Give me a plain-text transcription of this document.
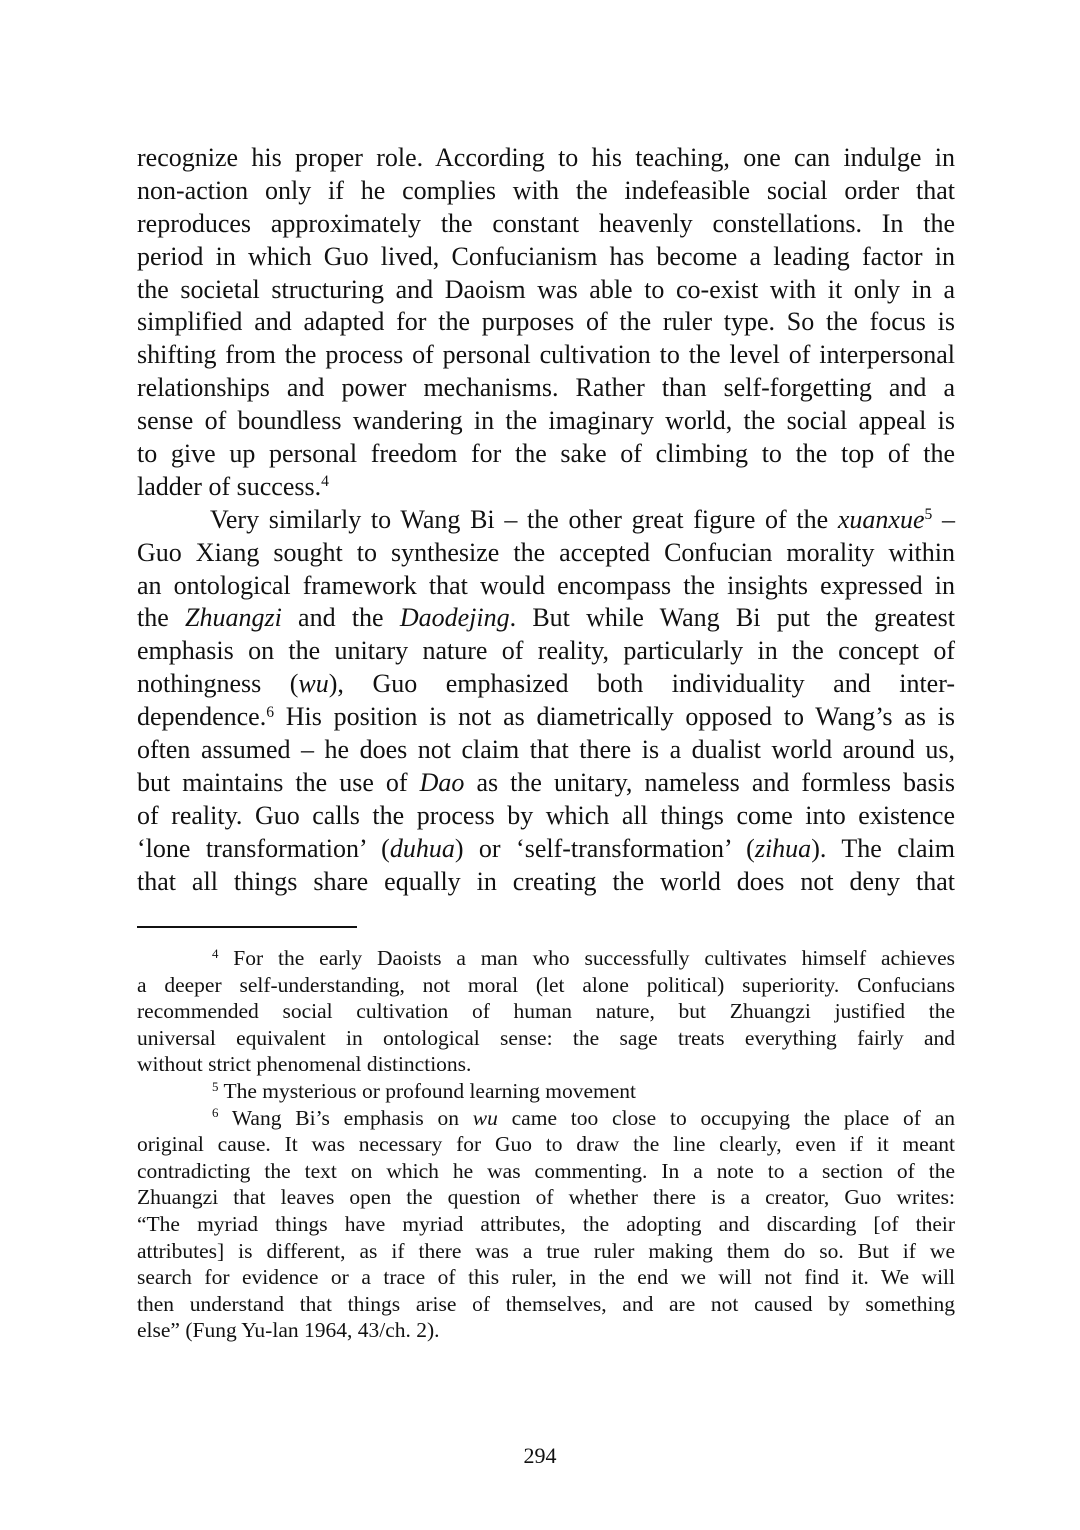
recognize his proper role. According to his teaching, one can indulge in
non-action only if he complies with the indefeasible social order that
reproduces approximately the constant heavenly constellations. In the
period in which Guo lived, Confucianism has become a leading factor in
the societal structuring and Daoism was able to co-exist with it only in a
simplified and adapted for the purposes of the ruler type. So the focus is
shifting from the process of personal cultivation to the level of interpersonal
relationships and power mechanisms. Rather than self-forgetting and a
sense of boundless wandering in the imaginary world, the social appeal is
to give up personal freedom for the sake of climbing to the top of the
ladder of success.$^4$
Very similarly to Wang Bi – the other great figure of the xuanxue$^5$ –
Guo Xiang sought to synthesize the accepted Confucian morality within
an ontological framework that would encompass the insights expressed in
the Zhuangzi and the Daodejing. But while Wang Bi put the greatest
emphasis on the unitary nature of reality, particularly in the concept of
nothingness (wu), Guo emphasized both individuality and inter-
dependence.$^6$ His position is not as diametrically opposed to Wang’s as is
often assumed – he does not claim that there is a dualist world around us,
but maintains the use of Dao as the unitary, nameless and formless basis
of reality. Guo calls the process by which all things come into existence
‘lone transformation’ (duhua) or ‘self-transformation’ (zihua). The claim
that all things share equally in creating the world does not deny that
$^4$ For the early Daoists a man who successfully cultivates himself achieves
a deeper self-understanding, not moral (let alone political) superiority. Confucians
recommended social cultivation of human nature, but Zhuangzi justified the
universal equivalent in ontological sense: the sage treats everything fairly and
without strict phenomenal distinctions.
$^5$ The mysterious or profound learning movement
$^6$ Wang Bi’s emphasis on wu came too close to occupying the place of an
original cause. It was necessary for Guo to draw the line clearly, even if it meant
contradicting the text on which he was commenting. In a note to a section of the
Zhuangzi that leaves open the question of whether there is a creator, Guo writes:
“The myriad things have myriad attributes, the adopting and discarding [of their
attributes] is different, as if there was a true ruler making them do so. But if we
search for evidence or a trace of this ruler, in the end we will not find it. We will
then understand that things arise of themselves, and are not caused by something
else” (Fung Yu-lan 1964, 43/ch. 2).
294
